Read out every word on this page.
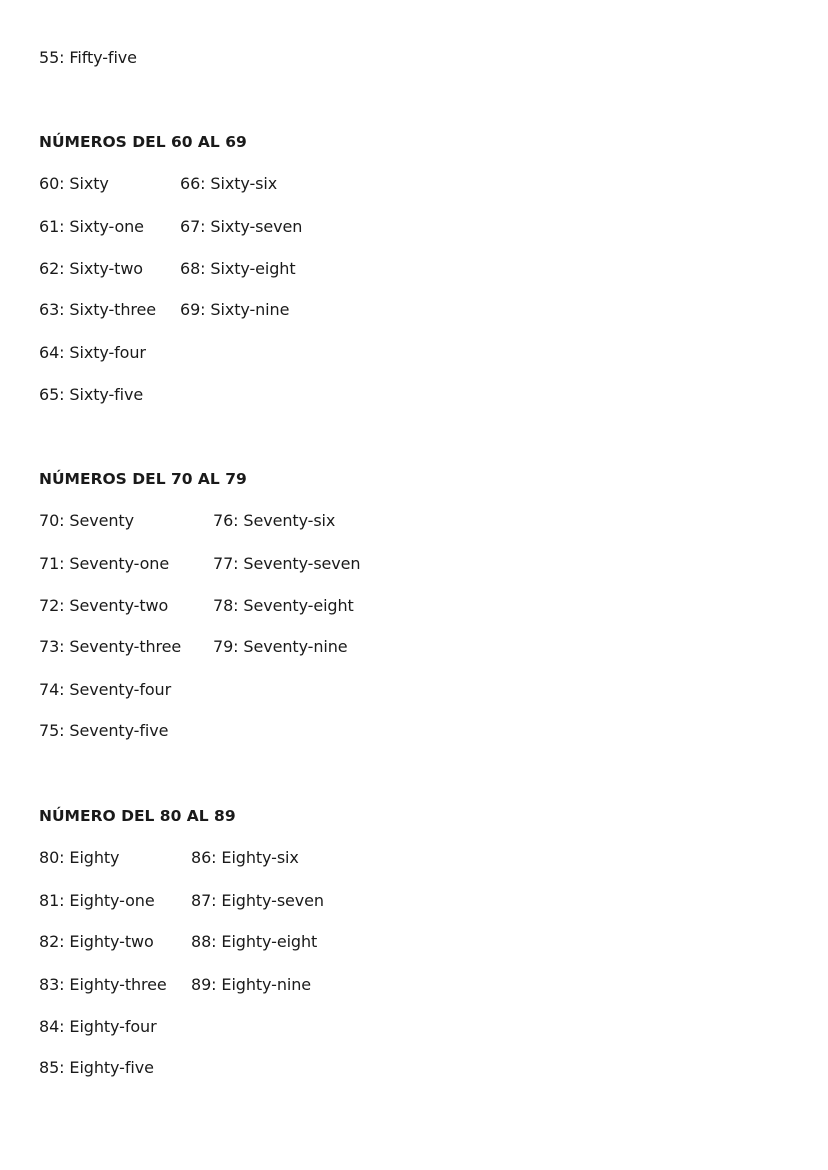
55: Fifty-five
NÚMEROS DEL 60 AL 69
60: Sixty
61: Sixty-one
62: Sixty-two
63: Sixty-three
64: Sixty-four
65: Sixty-five
66: Sixty-six
67: Sixty-seven
68: Sixty-eight
69: Sixty-nine
NÚMEROS DEL 70 AL 79
70: Seventy
71: Seventy-one
72: Seventy-two
73: Seventy-three
74: Seventy-four
75: Seventy-five
76: Seventy-six
77: Seventy-seven
78: Seventy-eight
79: Seventy-nine
NÚMERO DEL 80 AL 89
80: Eighty
81: Eighty-one
82: Eighty-two
83: Eighty-three
84: Eighty-four
85: Eighty-five
86: Eighty-six
87: Eighty-seven
88: Eighty-eight
89: Eighty-nine
